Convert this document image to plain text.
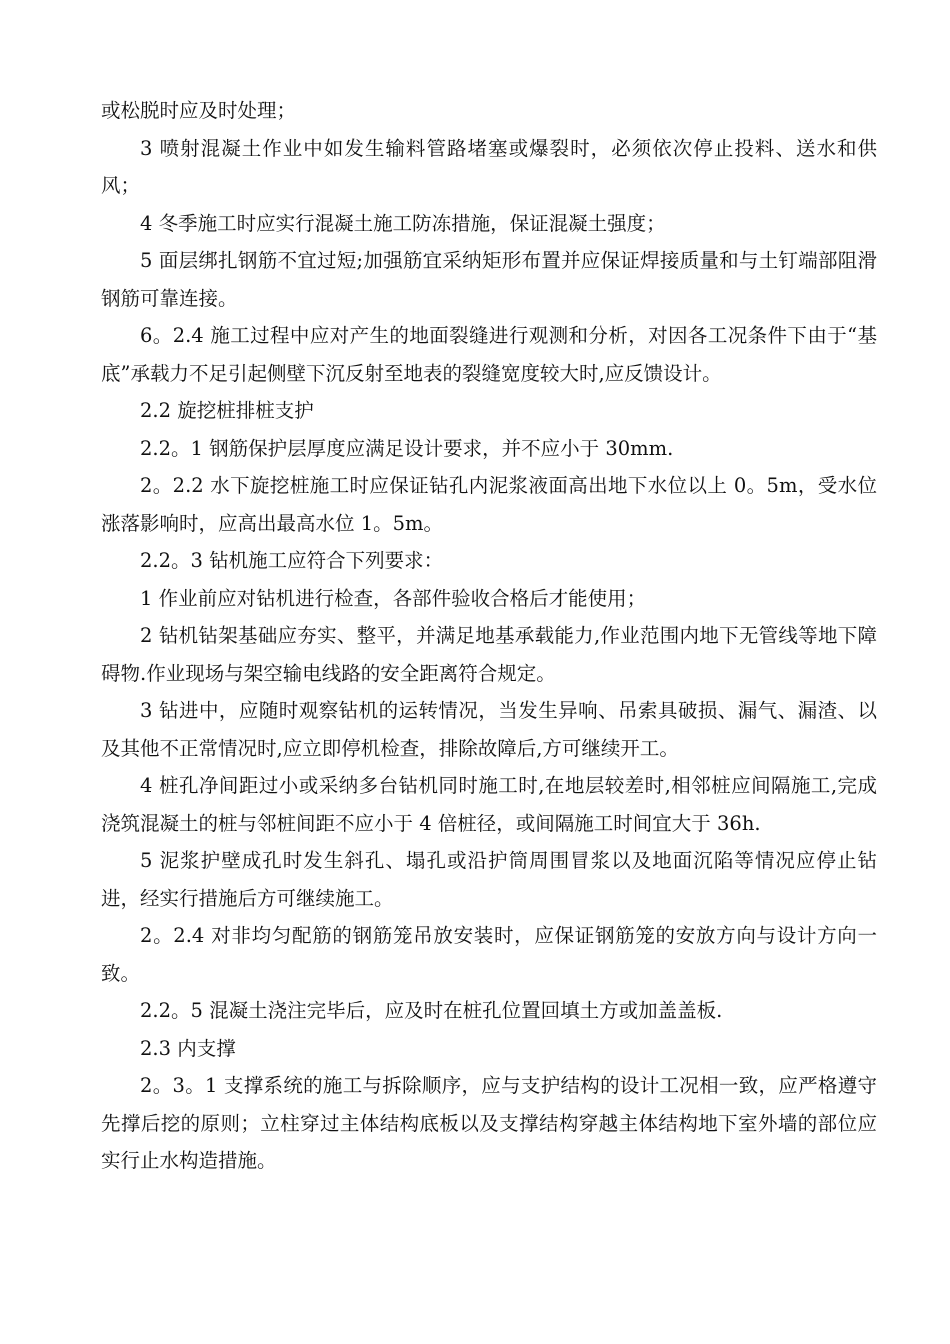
或松脱时应及时处理；

3 喷射混凝土作业中如发生输料管路堵塞或爆裂时，必须依次停止投料、送水和供风；

4 冬季施工时应实行混凝土施工防冻措施，保证混凝土强度；

5 面层绑扎钢筋不宜过短;加强筋宜采纳矩形布置并应保证焊接质量和与土钉端部阻滑钢筋可靠连接。

6。2.4 施工过程中应对产生的地面裂缝进行观测和分析，对因各工况条件下由于“基底”承载力不足引起侧壁下沉反射至地表的裂缝宽度较大时,应反馈设计。

2.2 旋挖桩排桩支护

2.2。1 钢筋保护层厚度应满足设计要求，并不应小于 30mm.

2。2.2 水下旋挖桩施工时应保证钻孔内泥浆液面高出地下水位以上 0。5m，受水位涨落影响时，应高出最高水位 1。5m。

2.2。3 钻机施工应符合下列要求：

1 作业前应对钻机进行检查，各部件验收合格后才能使用；

2 钻机钻架基础应夯实、整平，并满足地基承载能力,作业范围内地下无管线等地下障碍物.作业现场与架空输电线路的安全距离符合规定。

3 钻进中，应随时观察钻机的运转情况，当发生异响、吊索具破损、漏气、漏渣、以及其他不正常情况时,应立即停机检查，排除故障后,方可继续开工。

4 桩孔净间距过小或采纳多台钻机同时施工时,在地层较差时,相邻桩应间隔施工,完成浇筑混凝土的桩与邻桩间距不应小于 4 倍桩径，或间隔施工时间宜大于 36h.

5 泥浆护壁成孔时发生斜孔、塌孔或沿护筒周围冒浆以及地面沉陷等情况应停止钻进，经实行措施后方可继续施工。

2。2.4 对非均匀配筋的钢筋笼吊放安装时，应保证钢筋笼的安放方向与设计方向一致。

2.2。5 混凝土浇注完毕后，应及时在桩孔位置回填土方或加盖盖板.

2.3 内支撑

2。3。1 支撑系统的施工与拆除顺序，应与支护结构的设计工况相一致，应严格遵守先撑后挖的原则；立柱穿过主体结构底板以及支撑结构穿越主体结构地下室外墙的部位应实行止水构造措施。
